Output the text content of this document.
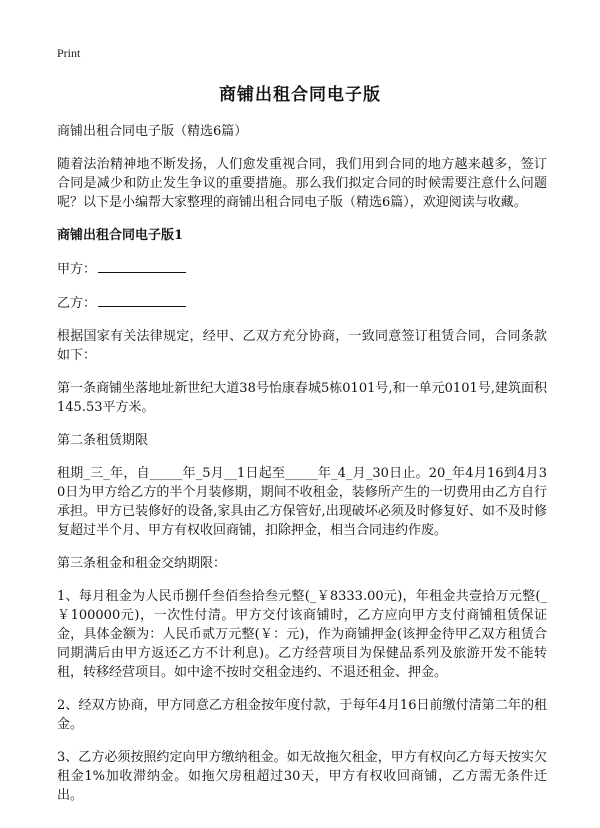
Print
商铺出租合同电子版

商铺出租合同电子版（精选6篇）

随着法治精神地不断发扬，人们愈发重视合同，我们用到合同的地方越来越多，签订合同是减少和防止发生争议的重要措施。那么我们拟定合同的时候需要注意什么问题呢？以下是小编帮大家整理的商铺出租合同电子版（精选6篇），欢迎阅读与收藏。

商铺出租合同电子版1

甲方：
乙方：

根据国家有关法律规定，经甲、乙双方充分协商，一致同意签订租赁合同，合同条款如下：

第一条商铺坐落地址新世纪大道38号怡康春城5栋0101号,和一单元0101号,建筑面积145.53平方米。

第二条租赁期限

租期_三_年，自_____年_5月__1日起至_____年_4_月_30日止。20_年4月16到4月30日为甲方给乙方的半个月装修期，期间不收租金，装修所产生的一切费用由乙方自行承担。甲方已装修好的设备,家具由乙方保管好,出现破坏必须及时修复好、如不及时修复超过半个月、甲方有权收回商铺，扣除押金，相当合同违约作废。

第三条租金和租金交纳期限：

1、每月租金为人民币捌仟叁佰叁拾叁元整(_￥8333.00元)，年租金共壹拾万元整(_￥100000元)，一次性付清。甲方交付该商铺时，乙方应向甲方支付商铺租赁保证金，具体金额为：人民币贰万元整(￥：元)，作为商铺押金(该押金待甲乙双方租赁合同期满后由甲方返还乙方不计利息)。乙方经营项目为保健品系列及旅游开发不能转租，转移经营项目。如中途不按时交租金违约、不退还租金、押金。

2、经双方协商，甲方同意乙方租金按年度付款，于每年4月16日前缴付清第二年的租金。

3、乙方必须按照约定向甲方缴纳租金。如无故拖欠租金，甲方有权向乙方每天按实欠租金1%加收滞纳金。如拖欠房租超过30天，甲方有权收回商铺，乙方需无条件迁出。
